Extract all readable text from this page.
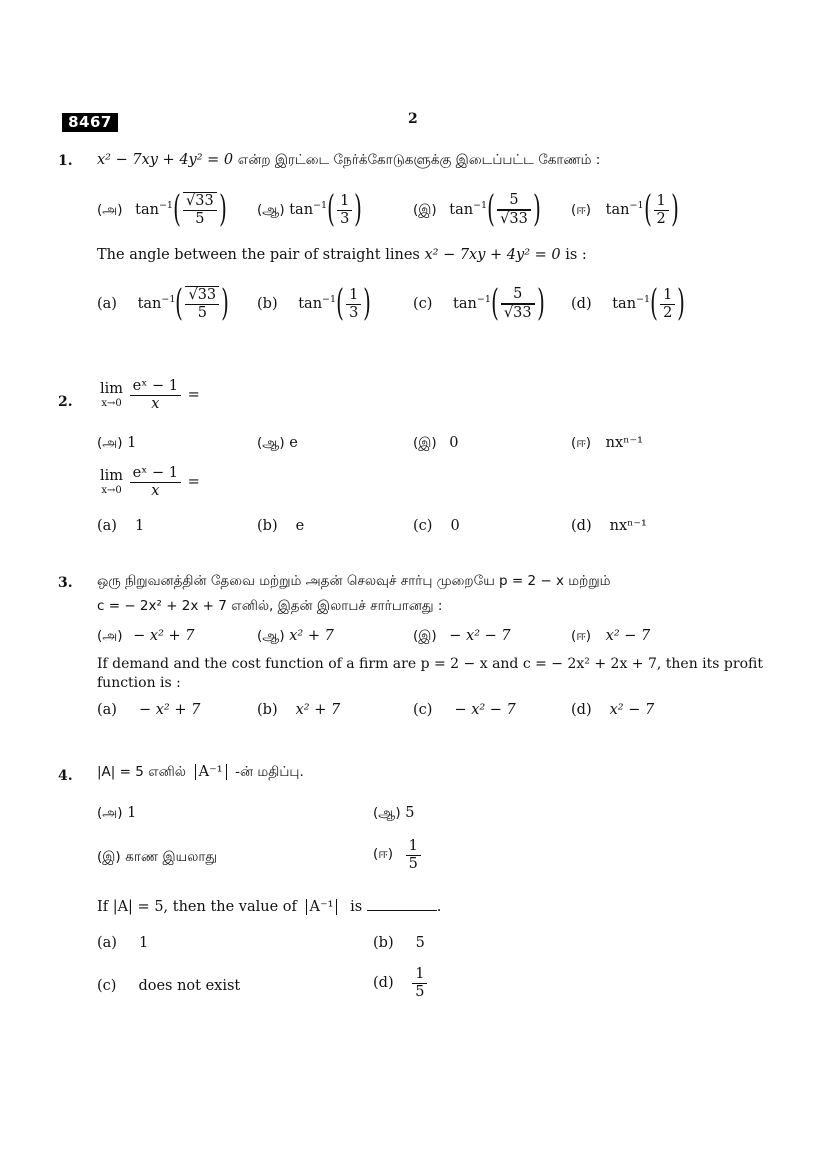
8467	2
1. x² − 7xy + 4y² = 0 என்ற இரட்டை நேர்க்கோடுகளுக்கு இடைப்பட்ட கோணம் :
(அ) $\tan^{-1}( \frac{√33}{5}$ ) (ஆ) $\tan^{-1}( \frac{1}{3}$ )	(இ) $\tan^{-1}( \frac{5}{√33}$ ) (ஈ) $\tan^{-1}( \frac{1}{2}$ )
The angle between the pair of straight lines x² − 7xy + 4y² = 0 is :
(a) $\tan^{-1}( \frac{√33}{5}$ ) (b) $\tan^{-1}( \frac{1}{3}$ )	(c) $\tan^{-1}( \frac{5}{√33}$ ) (d) $\tan^{-1}( \frac{1}{2}$ )
2.
lim
x→0
$\frac{\text{eˣ − 1}}{x}$ =
(அ) 1	(ஆ) e	(இ) 0	(ஈ) nxⁿ⁻¹
lim
x→0
$\frac{\text{eˣ − 1}}{x}$ =
(a) 1	(b) e	(c) 0	(d) nxⁿ⁻¹
3. ஒரு நிறுவனத்தின் தேவை மற்றும் அதன் செலவுச் சார்பு முறையே p = 2 − x மற்றும்
c = − 2x² + 2x + 7 எனில், இதன் இலாபச் சார்பானது :
(அ) − x² + 7	(ஆ) x² + 7	(இ) − x² − 7	(ஈ) x² − 7
If demand and the cost function of a firm are p = 2 − x and c = − 2x² + 2x + 7, then its profit
function is :
(a) − x² + 7	(b) x² + 7	(c) − x² − 7	(d) x² − 7
4. |A| = 5 எனில் A⁻¹ -ன் மதிப்பு.
(அ) 1	(ஆ) 5
(இ) காண இயலாது	(ஈ) $\frac{1}{5}$
If |A| = 5, then the value of A⁻¹ is	.
(a) 1	(b) 5
(c) does not exist	$(d) \frac{1}{5}$
